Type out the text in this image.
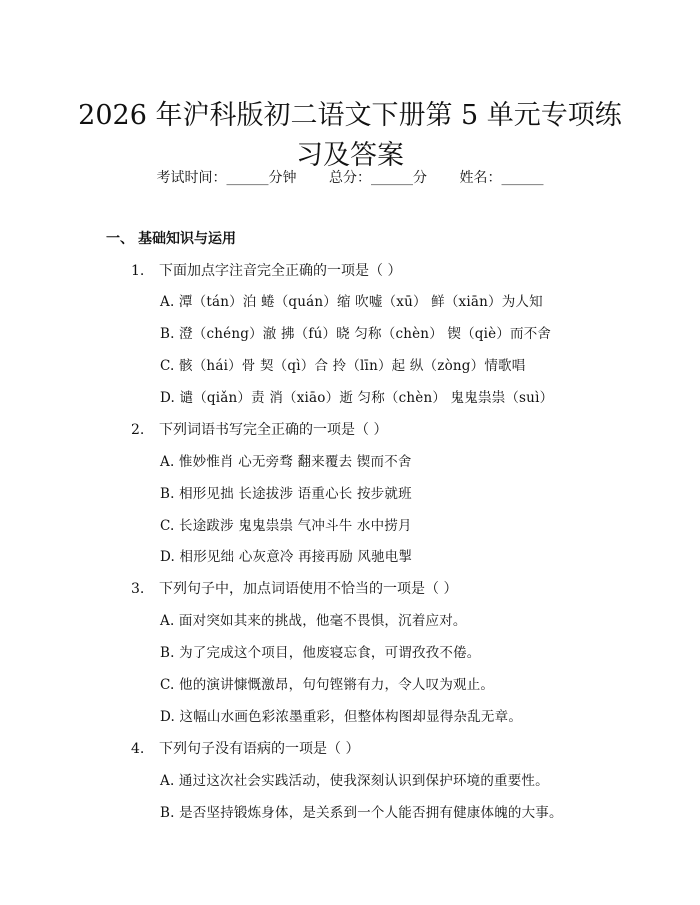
2026 年沪科版初二语文下册第 5 单元专项练
习及答案
考试时间：______分钟 总分：______分 姓名：______
一、 基础知识与运用
1. 下面加点字注音完全正确的一项是（ ）
A. 潭（tán）泊 蜷（quán）缩 吹嘘（xū） 鲜（xiān）为人知
B. 澄（chéng）澈 拂（fú）晓 匀称（chèn） 锲（qiè）而不舍
C. 骸（hái）骨 契（qì）合 拎（līn）起 纵（zòng）情歌唱
D. 谴（qiǎn）责 消（xiāo）逝 匀称（chèn） 鬼鬼祟祟（suì）
2. 下列词语书写完全正确的一项是（ ）
A. 惟妙惟肖 心无旁骛 翻来覆去 锲而不舍
B. 相形见拙 长途拔涉 语重心长 按步就班
C. 长途跋涉 鬼鬼祟祟 气冲斗牛 水中捞月
D. 相形见绌 心灰意冷 再接再励 风驰电掣
3. 下列句子中，加点词语使用不恰当的一项是（ ）
A. 面对突如其来的挑战，他毫不畏惧，沉着应对。
B. 为了完成这个项目，他废寝忘食，可谓孜孜不倦。
C. 他的演讲慷慨激昂，句句铿锵有力，令人叹为观止。
D. 这幅山水画色彩浓墨重彩，但整体构图却显得杂乱无章。
4. 下列句子没有语病的一项是（ ）
A. 通过这次社会实践活动，使我深刻认识到保护环境的重要性。
B. 是否坚持锻炼身体，是关系到一个人能否拥有健康体魄的大事。
